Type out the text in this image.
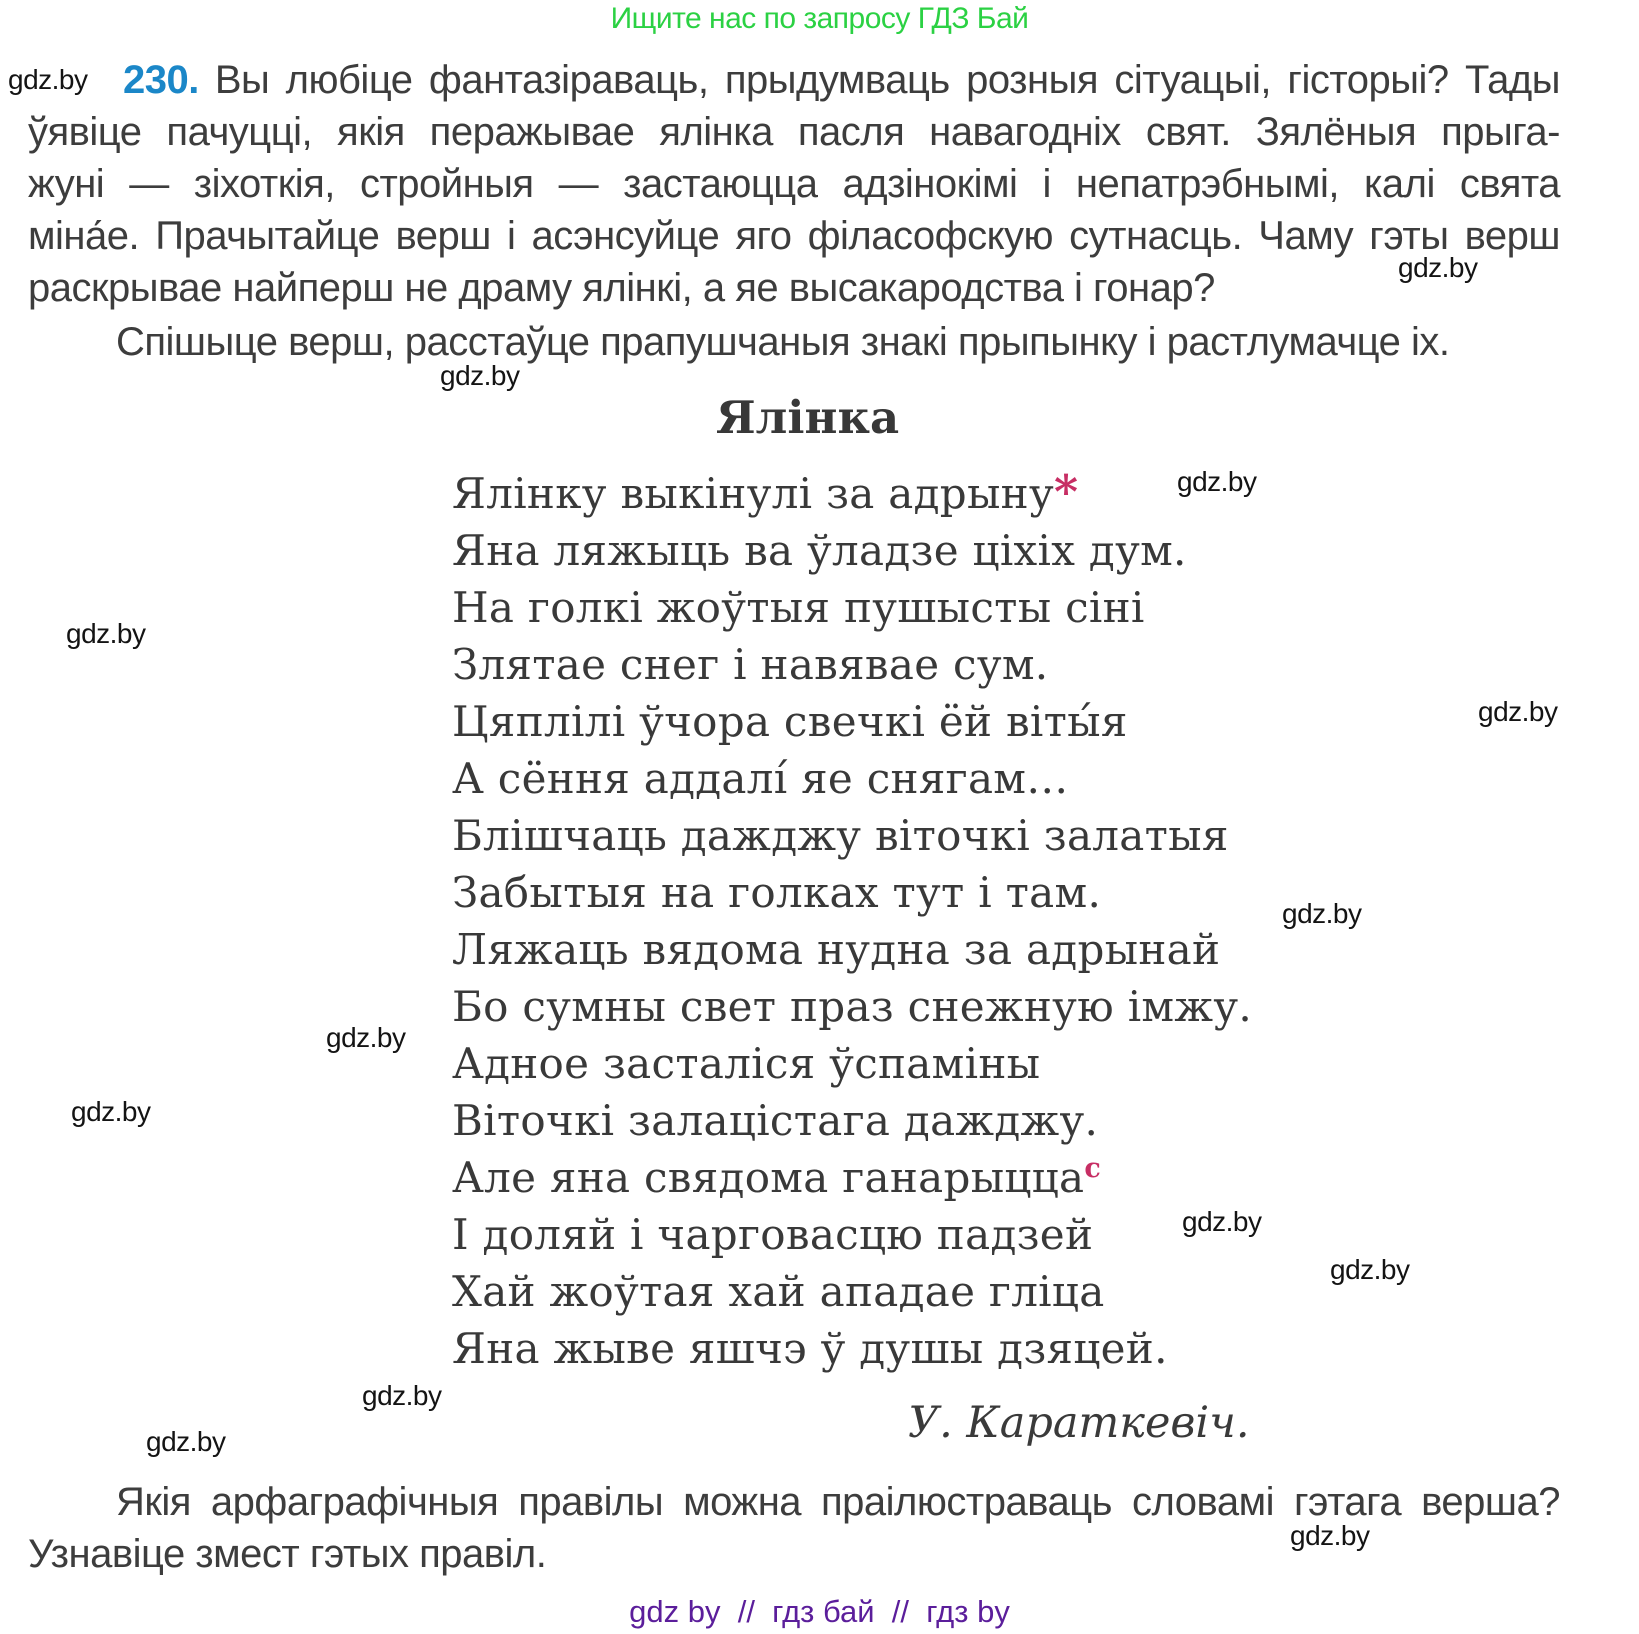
Ищите нас по запросу ГДЗ Бай
gdz.by
gdz.by
gdz.by
gdz.by
gdz.by
gdz.by
gdz.by
gdz.by
gdz.by
gdz.by
gdz.by
gdz.by
gdz.by
gdz.by
230. Вы любіце фантазіраваць, прыдумваць розныя сітуацыі, гісторыі? Тады
ўявіце пачуцці, якія перажывае ялінка пасля навагодніх свят. Зялёныя прыга-
жуні — зіхоткія, стройныя — застаюцца адзінокімі і непатрэбнымі, калі свята
міна́е. Прачытайце верш і асэнсуйце яго філасофскую сутнасць. Чаму гэты верш
раскрывае найперш не драму ялінкі, а яе высакародства і гонар?
Спішыце верш, расстаўце прапушчаныя знакі прыпынку і растлумачце іх.
Ялінка
Ялінку выкінулі за адрыну*
Яна ляжыць ва ўладзе ціхіх дум.
На голкі жоўтыя пушысты сіні
Злятае снег і навявае сум.
Цяплілі ўчора свечкі ёй віты́я
А сёння аддалі́ яе снягам…
Блішчаць дажджу віточкі залатыя
Забытыя на голках тут і там.
Ляжаць вядома нудна за адрынай
Бо сумны свет праз снежную імжу.
Адное засталіся ўспаміны
Віточкі залацістага дажджу.
Але яна свядома ганарыцца$^с$
І доляй і чарговасцю падзей
Хай жоўтая хай ападае гліца
Яна жыве яшчэ ў душы дзяцей.
У. Караткевіч.
Якія арфаграфічныя правілы можна праілюстраваць словамі гэтага верша?
Узнавіце змест гэтых правіл.
gdz by  //  гдз бай  //  гдз by
